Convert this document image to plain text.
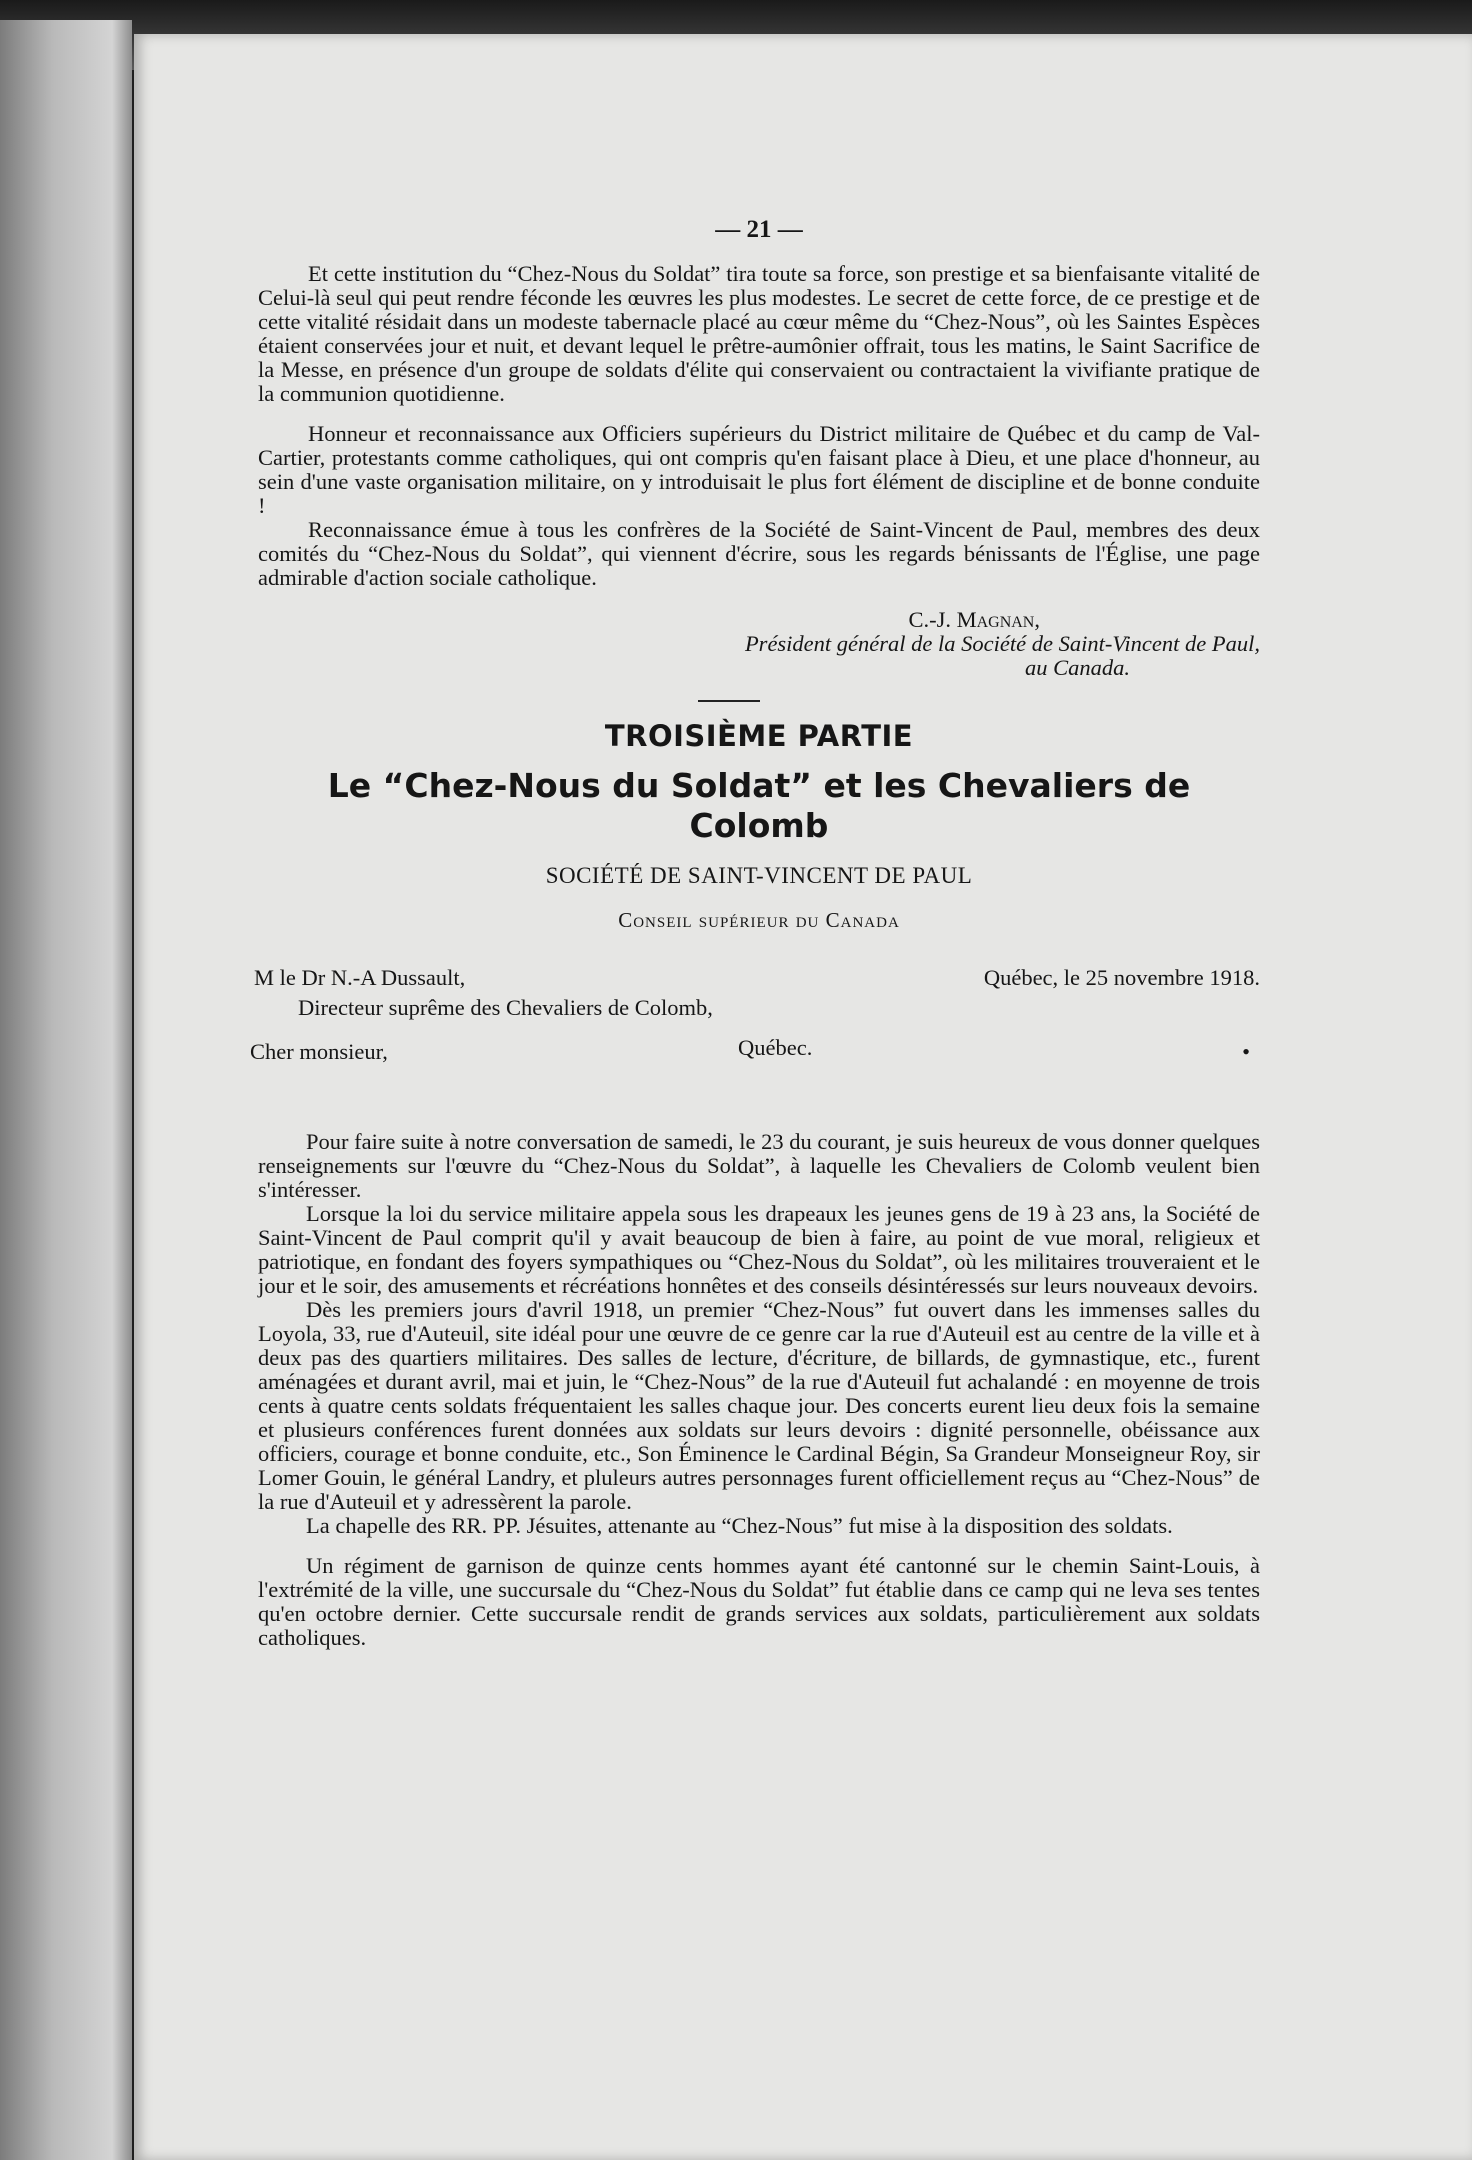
— 21 —

Et cette institution du “Chez-Nous du Soldat” tira toute sa force, son prestige et sa bienfaisante vitalité de Celui-là seul qui peut rendre féconde les œuvres les plus modestes. Le secret de cette force, de ce prestige et de cette vitalité résidait dans un modeste tabernacle placé au cœur même du “Chez-Nous”, où les Saintes Espèces étaient conservées jour et nuit, et devant lequel le prêtre-aumônier offrait, tous les matins, le Saint Sacrifice de la Messe, en présence d'un groupe de soldats d'élite qui conservaient ou contractaient la vivifiante pratique de la communion quotidienne.

Honneur et reconnaissance aux Officiers supérieurs du District militaire de Québec et du camp de Val-Cartier, protestants comme catholiques, qui ont compris qu'en faisant place à Dieu, et une place d'honneur, au sein d'une vaste organisation militaire, on y introduisait le plus fort élément de discipline et de bonne conduite !

Reconnaissance émue à tous les confrères de la Société de Saint-Vincent de Paul, membres des deux comités du “Chez-Nous du Soldat”, qui viennent d'écrire, sous les regards bénissants de l'Église, une page admirable d'action sociale catholique.

C.-J. Magnan,
Président général de la Société de Saint-Vincent de Paul,
au Canada.
TROISIÈME PARTIE
Le “Chez-Nous du Soldat” et les Chevaliers de Colomb
SOCIÉTÉ DE SAINT-VINCENT DE PAUL
Conseil supérieur du Canada
M le Dr N.-A Dussault,	Québec, le 25 novembre 1918.
Directeur suprême des Chevaliers de Colomb,
Québec.
Cher monsieur,	•

Pour faire suite à notre conversation de samedi, le 23 du courant, je suis heureux de vous donner quelques renseignements sur l'œuvre du “Chez-Nous du Soldat”, à laquelle les Chevaliers de Colomb veulent bien s'intéresser.

Lorsque la loi du service militaire appela sous les drapeaux les jeunes gens de 19 à 23 ans, la Société de Saint-Vincent de Paul comprit qu'il y avait beaucoup de bien à faire, au point de vue moral, religieux et patriotique, en fondant des foyers sympathiques ou “Chez-Nous du Soldat”, où les militaires trouveraient et le jour et le soir, des amusements et récréations honnêtes et des conseils désintéressés sur leurs nouveaux devoirs.

Dès les premiers jours d'avril 1918, un premier “Chez-Nous” fut ouvert dans les immenses salles du Loyola, 33, rue d'Auteuil, site idéal pour une œuvre de ce genre car la rue d'Auteuil est au centre de la ville et à deux pas des quartiers militaires. Des salles de lecture, d'écriture, de billards, de gymnastique, etc., furent aménagées et durant avril, mai et juin, le “Chez-Nous” de la rue d'Auteuil fut achalandé : en moyenne de trois cents à quatre cents soldats fréquentaient les salles chaque jour. Des concerts eurent lieu deux fois la semaine et plusieurs conférences furent données aux soldats sur leurs devoirs : dignité personnelle, obéissance aux officiers, courage et bonne conduite, etc., Son Éminence le Cardinal Bégin, Sa Grandeur Monseigneur Roy, sir Lomer Gouin, le général Landry, et pluleurs autres personnages furent officiellement reçus au “Chez-Nous” de la rue d'Auteuil et y adressèrent la parole.

La chapelle des RR. PP. Jésuites, attenante au “Chez-Nous” fut mise à la disposition des soldats.

Un régiment de garnison de quinze cents hommes ayant été cantonné sur le chemin Saint-Louis, à l'extrémité de la ville, une succursale du “Chez-Nous du Soldat” fut établie dans ce camp qui ne leva ses tentes qu'en octobre dernier. Cette succursale rendit de grands services aux soldats, particulièrement aux soldats catholiques.
